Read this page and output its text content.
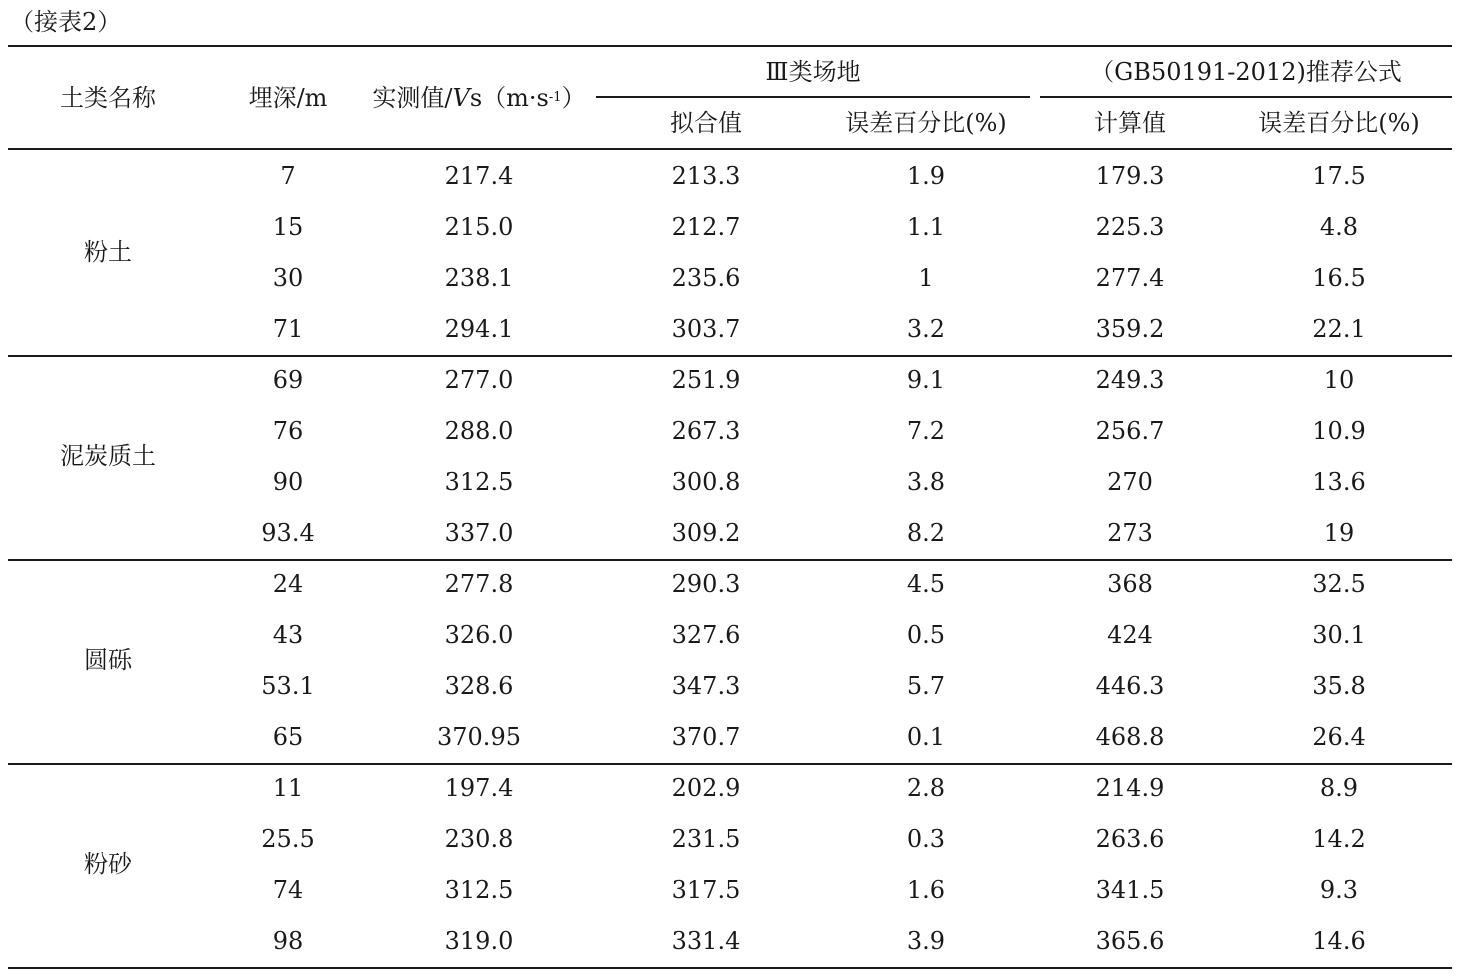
（接表2）
土类名称	埋深/m	实测值/ V s（m·s -1 ）
Ⅲ类场地	（GB50191-2012)推荐公式
拟合值	误差百分比(%)	计算值	误差百分比(%)
粉土
7	217.4	213.3	1.9	179.3	17.5
15	215.0	212.7	1.1	225.3	4.8
30	238.1	235.6	1	277.4	16.5
71	294.1	303.7	3.2	359.2	22.1
泥炭质土
69	277.0	251.9	9.1	249.3	10
76	288.0	267.3	7.2	256.7	10.9
90	312.5	300.8	3.8	270	13.6
93.4	337.0	309.2	8.2	273	19
圆砾
24	277.8	290.3	4.5	368	32.5
43	326.0	327.6	0.5	424	30.1
53.1	328.6	347.3	5.7	446.3	35.8
65	370.95	370.7	0.1	468.8	26.4
粉砂
11	197.4	202.9	2.8	214.9	8.9
25.5	230.8	231.5	0.3	263.6	14.2
74	312.5	317.5	1.6	341.5	9.3
98	319.0	331.4	3.9	365.6	14.6
